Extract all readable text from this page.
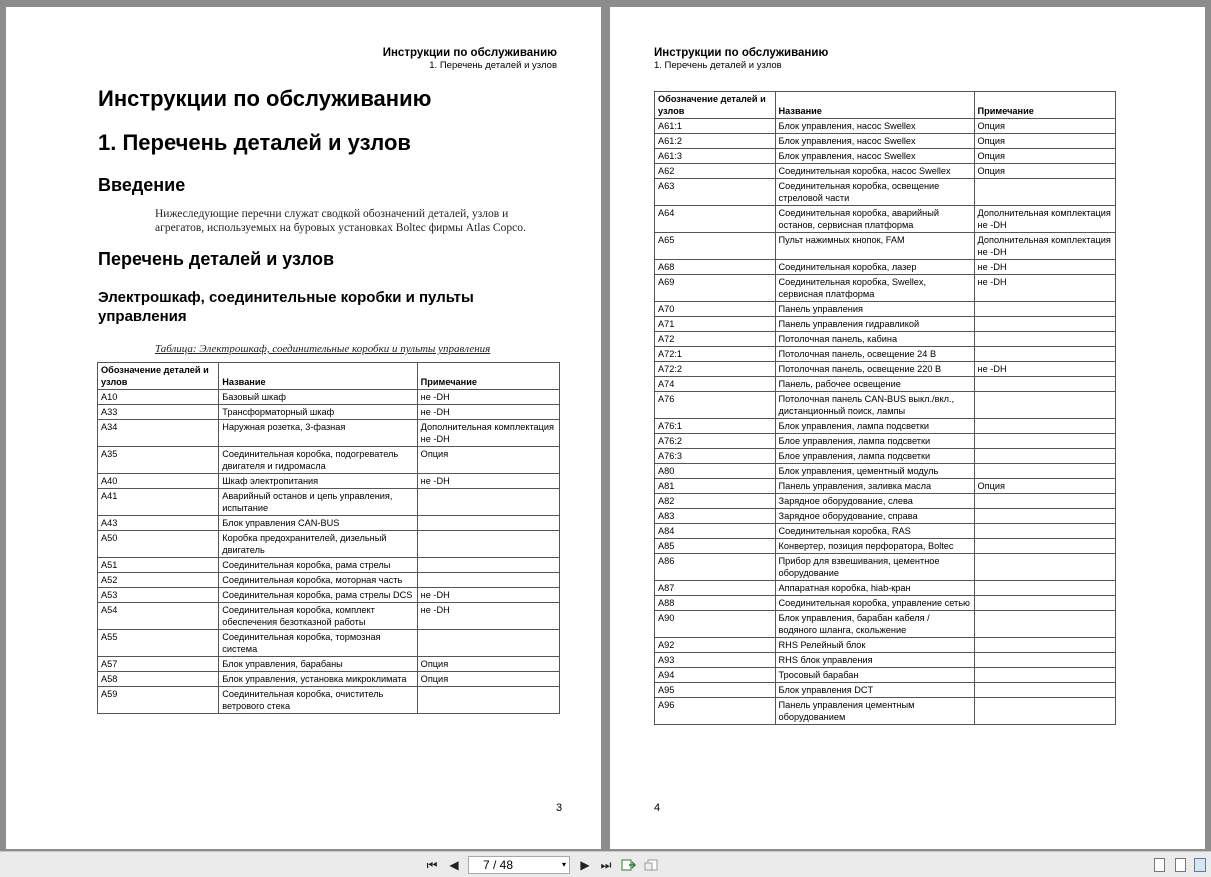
Инструкции по обслуживанию
1. Перечень деталей и узлов
Инструкции по обслуживанию
1. Перечень деталей и узлов
Введение
Нижеследующие перечни служат сводкой обозначений деталей, узлов и агрегатов, используемых на буровых установках Boltec фирмы Atlas Copco.
Перечень деталей и узлов
Электрошкаф, соединительные коробки и пульты управления
Таблица: Электрошкаф, соединительные коробки и пульты управления
Обозначение деталей и узлов	Название	Примечание
A10	Базовый шкаф	не -DH
A33	Трансформаторный шкаф	не -DH
A34	Наружная розетка, 3-фазная	Дополнительная комплектация не -DH
A35	Соединительная коробка, подогреватель двигателя и гидромасла	Опция
A40	Шкаф электропитания	не -DH
A41	Аварийный останов и цепь управления, испытание	
A43	Блок управления CAN-BUS	
A50	Коробка предохранителей, дизельный двигатель	
A51	Соединительная коробка, рама стрелы	
A52	Соединительная коробка, моторная часть	
A53	Соединительная коробка, рама стрелы DCS	не -DH
A54	Соединительная коробка, комплект обеспечения безотказной работы	не -DH
A55	Соединительная коробка, тормозная система	
A57	Блок управления, барабаны	Опция
A58	Блок управления, установка микроклимата	Опция
A59	Соединительная коробка, очиститель ветрового стека	
3
Инструкции по обслуживанию
1. Перечень деталей и узлов
Обозначение деталей и узлов	Название	Примечание
A61:1	Блок управления, насос Swellex	Опция
A61:2	Блок управления, насос Swellex	Опция
A61:3	Блок управления, насос Swellex	Опция
A62	Соединительная коробка, насос Swellex	Опция
A63	Соединительная коробка, освещение стреловой части	
A64	Соединительная коробка, аварийный останов, сервисная платформа	Дополнительная комплектация не -DH
A65	Пульт нажимных кнопок, FAM	Дополнительная комплектация не -DH
A68	Соединительная коробка, лазер	не -DH
A69	Соединительная коробка, Swellex, сервисная платформа	не -DH
A70	Панель управления	
A71	Панель управления гидравликой	
A72	Потолочная панель, кабина	
A72:1	Потолочная панель, освещение 24 В	
A72:2	Потолочная панель, освещение 220 В	не -DH
A74	Панель, рабочее освещение	
A76	Потолочная панель CAN-BUS выкл./вкл., дистанционный поиск, лампы	
A76:1	Блок управления, лампа подсветки	
A76:2	Блое управления, лампа подсветки	
A76:3	Блое управления, лампа подсветки	
A80	Блок управления, цементный модуль	
A81	Панель управления, заливка масла	Опция
A82	Зарядное оборудование, слева	
A83	Зарядное оборудование, справа	
A84	Соединительная коробка, RAS	
A85	Конвертер, позиция перфоратора, Boltec	
A86	Прибор для взвешивания, цементное оборудование	
A87	Аппаратная коробка, hiab-кран	
A88	Соединительная коробка, управление сетью	
A90	Блок управления, барабан кабеля / водяного шланга, скольжение	
A92	RHS Релейный блок	
A93	RHS блок управления	
A94	Тросовый барабан	
A95	Блок управления DCT	
A96	Панель управления цементным оборудованием	
4
⏮ ◀	7 / 48	▾ ▶ ⏭
